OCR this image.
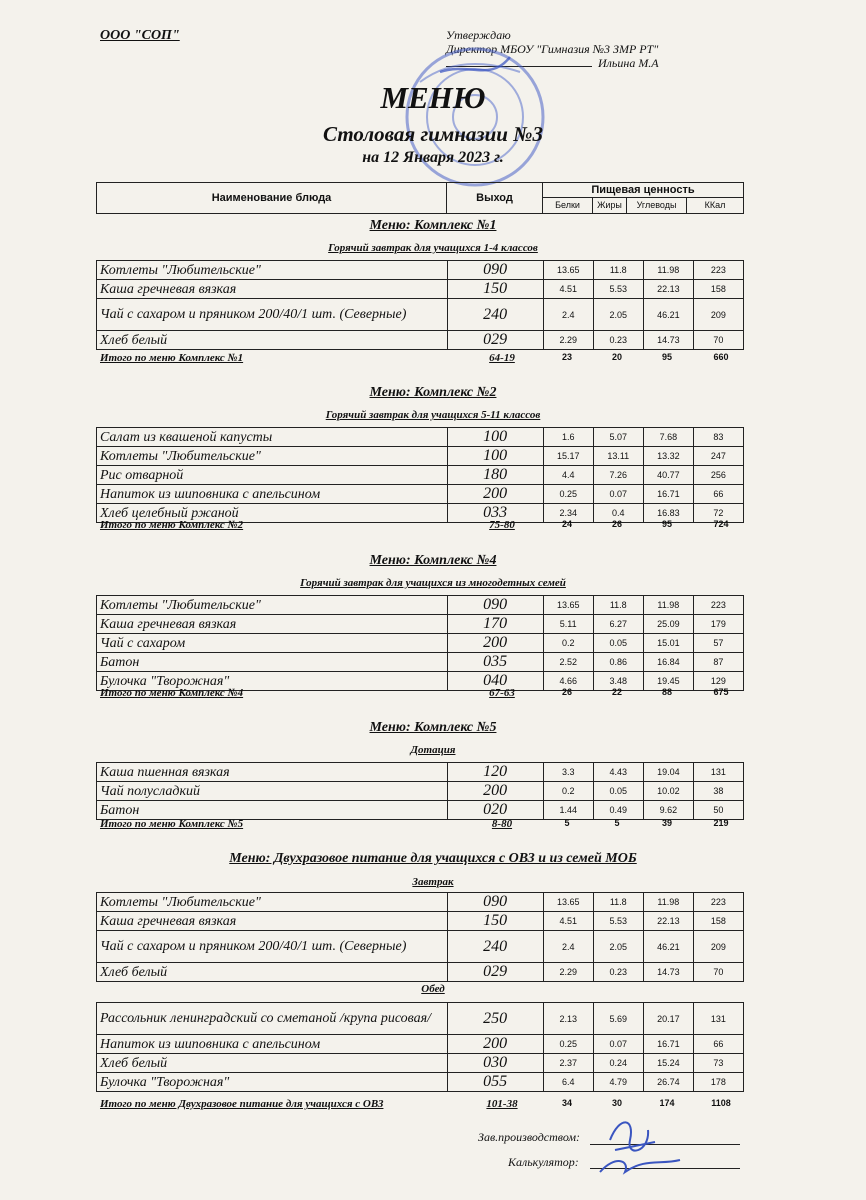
ООО "СОП"	Утверждаю
Директор МБОУ "Гимназия №3 ЗМР РТ"
Ильина М.А
МЕНЮ
Столовая гимназии №3
на 12 Января 2023 г.
Наименование блюда	Выход
Пищевая ценность
Белки	Жиры	Углеводы	ККал
Меню: Комплекс №1
Горячий завтрак для учащихся 1-4 классов
Котлеты "Любительские"	090	13.65	11.8	11.98	223
Каша гречневая вязкая	150	4.51	5.53	22.13	158
Чай с сахаром и пряником 200/40/1 шт. (Северные)	240	2.4	2.05	46.21	209
Хлеб белый	029	2.29	0.23	14.73	70
Итого по меню Комплекс №1	64-19	23	20	95	660
Меню: Комплекс №2
Горячий завтрак для учащихся 5-11 классов
Салат из квашеной капусты	100	1.6	5.07	7.68	83
Котлеты "Любительские"	100	15.17	13.11	13.32	247
Рис отварной	180	4.4	7.26	40.77	256
Напиток из шиповника с апельсином	200	0.25	0.07	16.71	66
Хлеб целебный ржаной	033	2.34	0.4	16.83	72
Итого по меню Комплекс №2	75-80	24	26	95	724
Меню: Комплекс №4
Горячий завтрак для учащихся из многодетных семей
Котлеты "Любительские"	090	13.65	11.8	11.98	223
Каша гречневая вязкая	170	5.11	6.27	25.09	179
Чай с сахаром	200	0.2	0.05	15.01	57
Батон	035	2.52	0.86	16.84	87
Булочка "Творожная"	040	4.66	3.48	19.45	129
Итого по меню Комплекс №4	67-63	26	22	88	675
Меню: Комплекс №5
Дотация
Каша пшенная вязкая	120	3.3	4.43	19.04	131
Чай полусладкий	200	0.2	0.05	10.02	38
Батон	020	1.44	0.49	9.62	50
Итого по меню Комплекс №5	8-80	5	5	39	219
Меню: Двухразовое питание для учащихся с ОВЗ и из семей МОБ
Завтрак
Котлеты "Любительские"	090	13.65	11.8	11.98	223
Каша гречневая вязкая	150	4.51	5.53	22.13	158
Чай с сахаром и пряником 200/40/1 шт. (Северные)	240	2.4	2.05	46.21	209
Хлеб белый	029	2.29	0.23	14.73	70
Обед
Рассольник ленинградский со сметаной /крупа рисовая/	250	2.13	5.69	20.17	131
Напиток из шиповника с апельсином	200	0.25	0.07	16.71	66
Хлеб белый	030	2.37	0.24	15.24	73
Булочка "Творожная"	055	6.4	4.79	26.74	178
Итого по меню Двухразовое питание для учащихся с ОВЗ	101-38	34	30	174	1108
Зав.производством:
Калькулятор:
